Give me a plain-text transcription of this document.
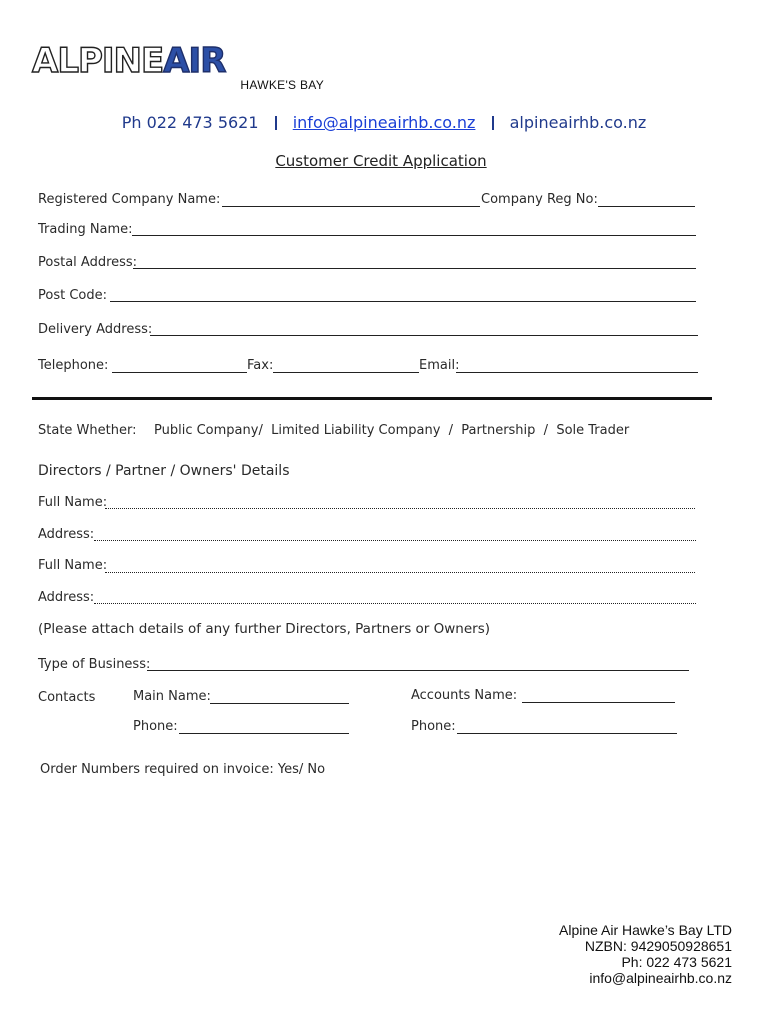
ALPINEAIR
HAWKE'S BAY
Ph 022 473 5621 info@alpineairhb.co.nz alpineairhb.co.nz
Customer Credit Application
Registered Company Name:	Company Reg No:
Trading Name:
Postal Address:
Post Code:
Delivery Address:
Telephone:	Fax:	Email:
State Whether: Public Company/  Limited Liability Company  /  Partnership  /  Sole Trader
Directors / Partner / Owners' Details
Full Name:
Address:
Full Name:
Address:
(Please attach details of any further Directors, Partners or Owners)
Type of Business:
Contacts	Main Name:	Accounts Name:
Phone:	Phone:
Order Numbers required on invoice: Yes/ No
Alpine Air Hawke’s Bay LTD
NZBN: 9429050928651
Ph: 022 473 5621
info@alpineairhb.co.nz
